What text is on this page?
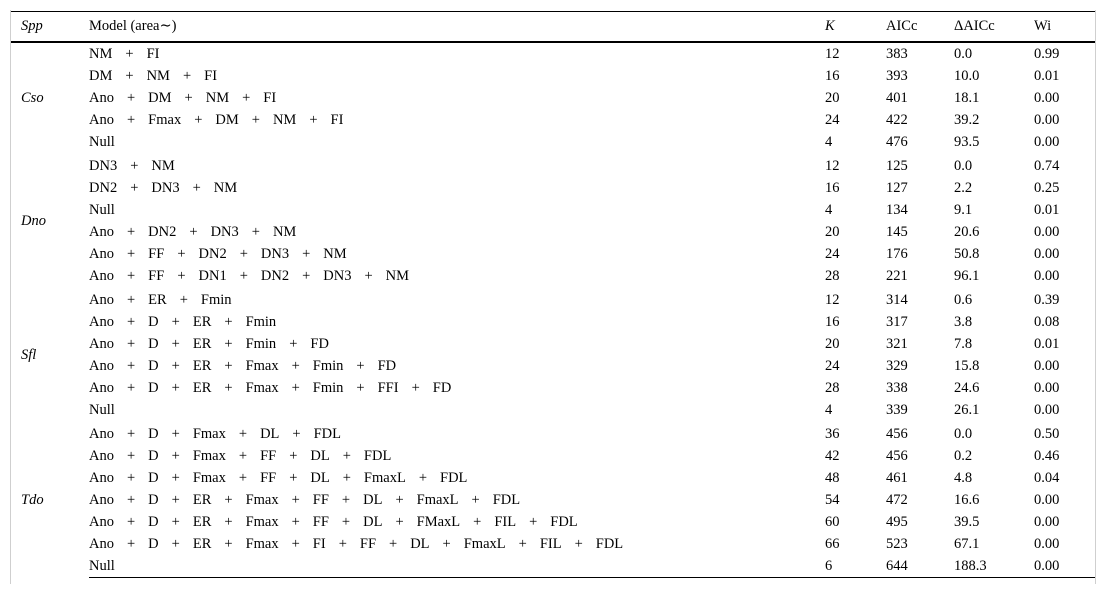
Spp	Model (area∼)	K	AICc	ΔAICc	Wi
Cso	NM + FI	12	383	0.0	0.99
	DM + NM + FI	16	393	10.0	0.01
	Ano + DM + NM + FI	20	401	18.1	0.00
	Ano + Fmax + DM + NM + FI	24	422	39.2	0.00
	Null	4	476	93.5	0.00
Dno	DN3 + NM	12	125	0.0	0.74
	DN2 + DN3 + NM	16	127	2.2	0.25
	Null	4	134	9.1	0.01
	Ano + DN2 + DN3 + NM	20	145	20.6	0.00
	Ano + FF + DN2 + DN3 + NM	24	176	50.8	0.00
	Ano + FF + DN1 + DN2 + DN3 + NM	28	221	96.1	0.00
Sfl	Ano + ER + Fmin	12	314	0.6	0.39
	Ano + D + ER + Fmin	16	317	3.8	0.08
	Ano + D + ER + Fmin + FD	20	321	7.8	0.01
	Ano + D + ER + Fmax + Fmin + FD	24	329	15.8	0.00
	Ano + D + ER + Fmax + Fmin + FFI + FD	28	338	24.6	0.00
	Null	4	339	26.1	0.00
Tdo	Ano + D + Fmax + DL + FDL	36	456	0.0	0.50
	Ano + D + Fmax + FF + DL + FDL	42	456	0.2	0.46
	Ano + D + Fmax + FF + DL + FmaxL + FDL	48	461	4.8	0.04
	Ano + D + ER + Fmax + FF + DL + FmaxL + FDL	54	472	16.6	0.00
	Ano + D + ER + Fmax + FF + DL + FMaxL + FIL + FDL	60	495	39.5	0.00
	Ano + D + ER + Fmax + FI + FF + DL + FmaxL + FIL + FDL	66	523	67.1	0.00
	Null	6	644	188.3	0.00
